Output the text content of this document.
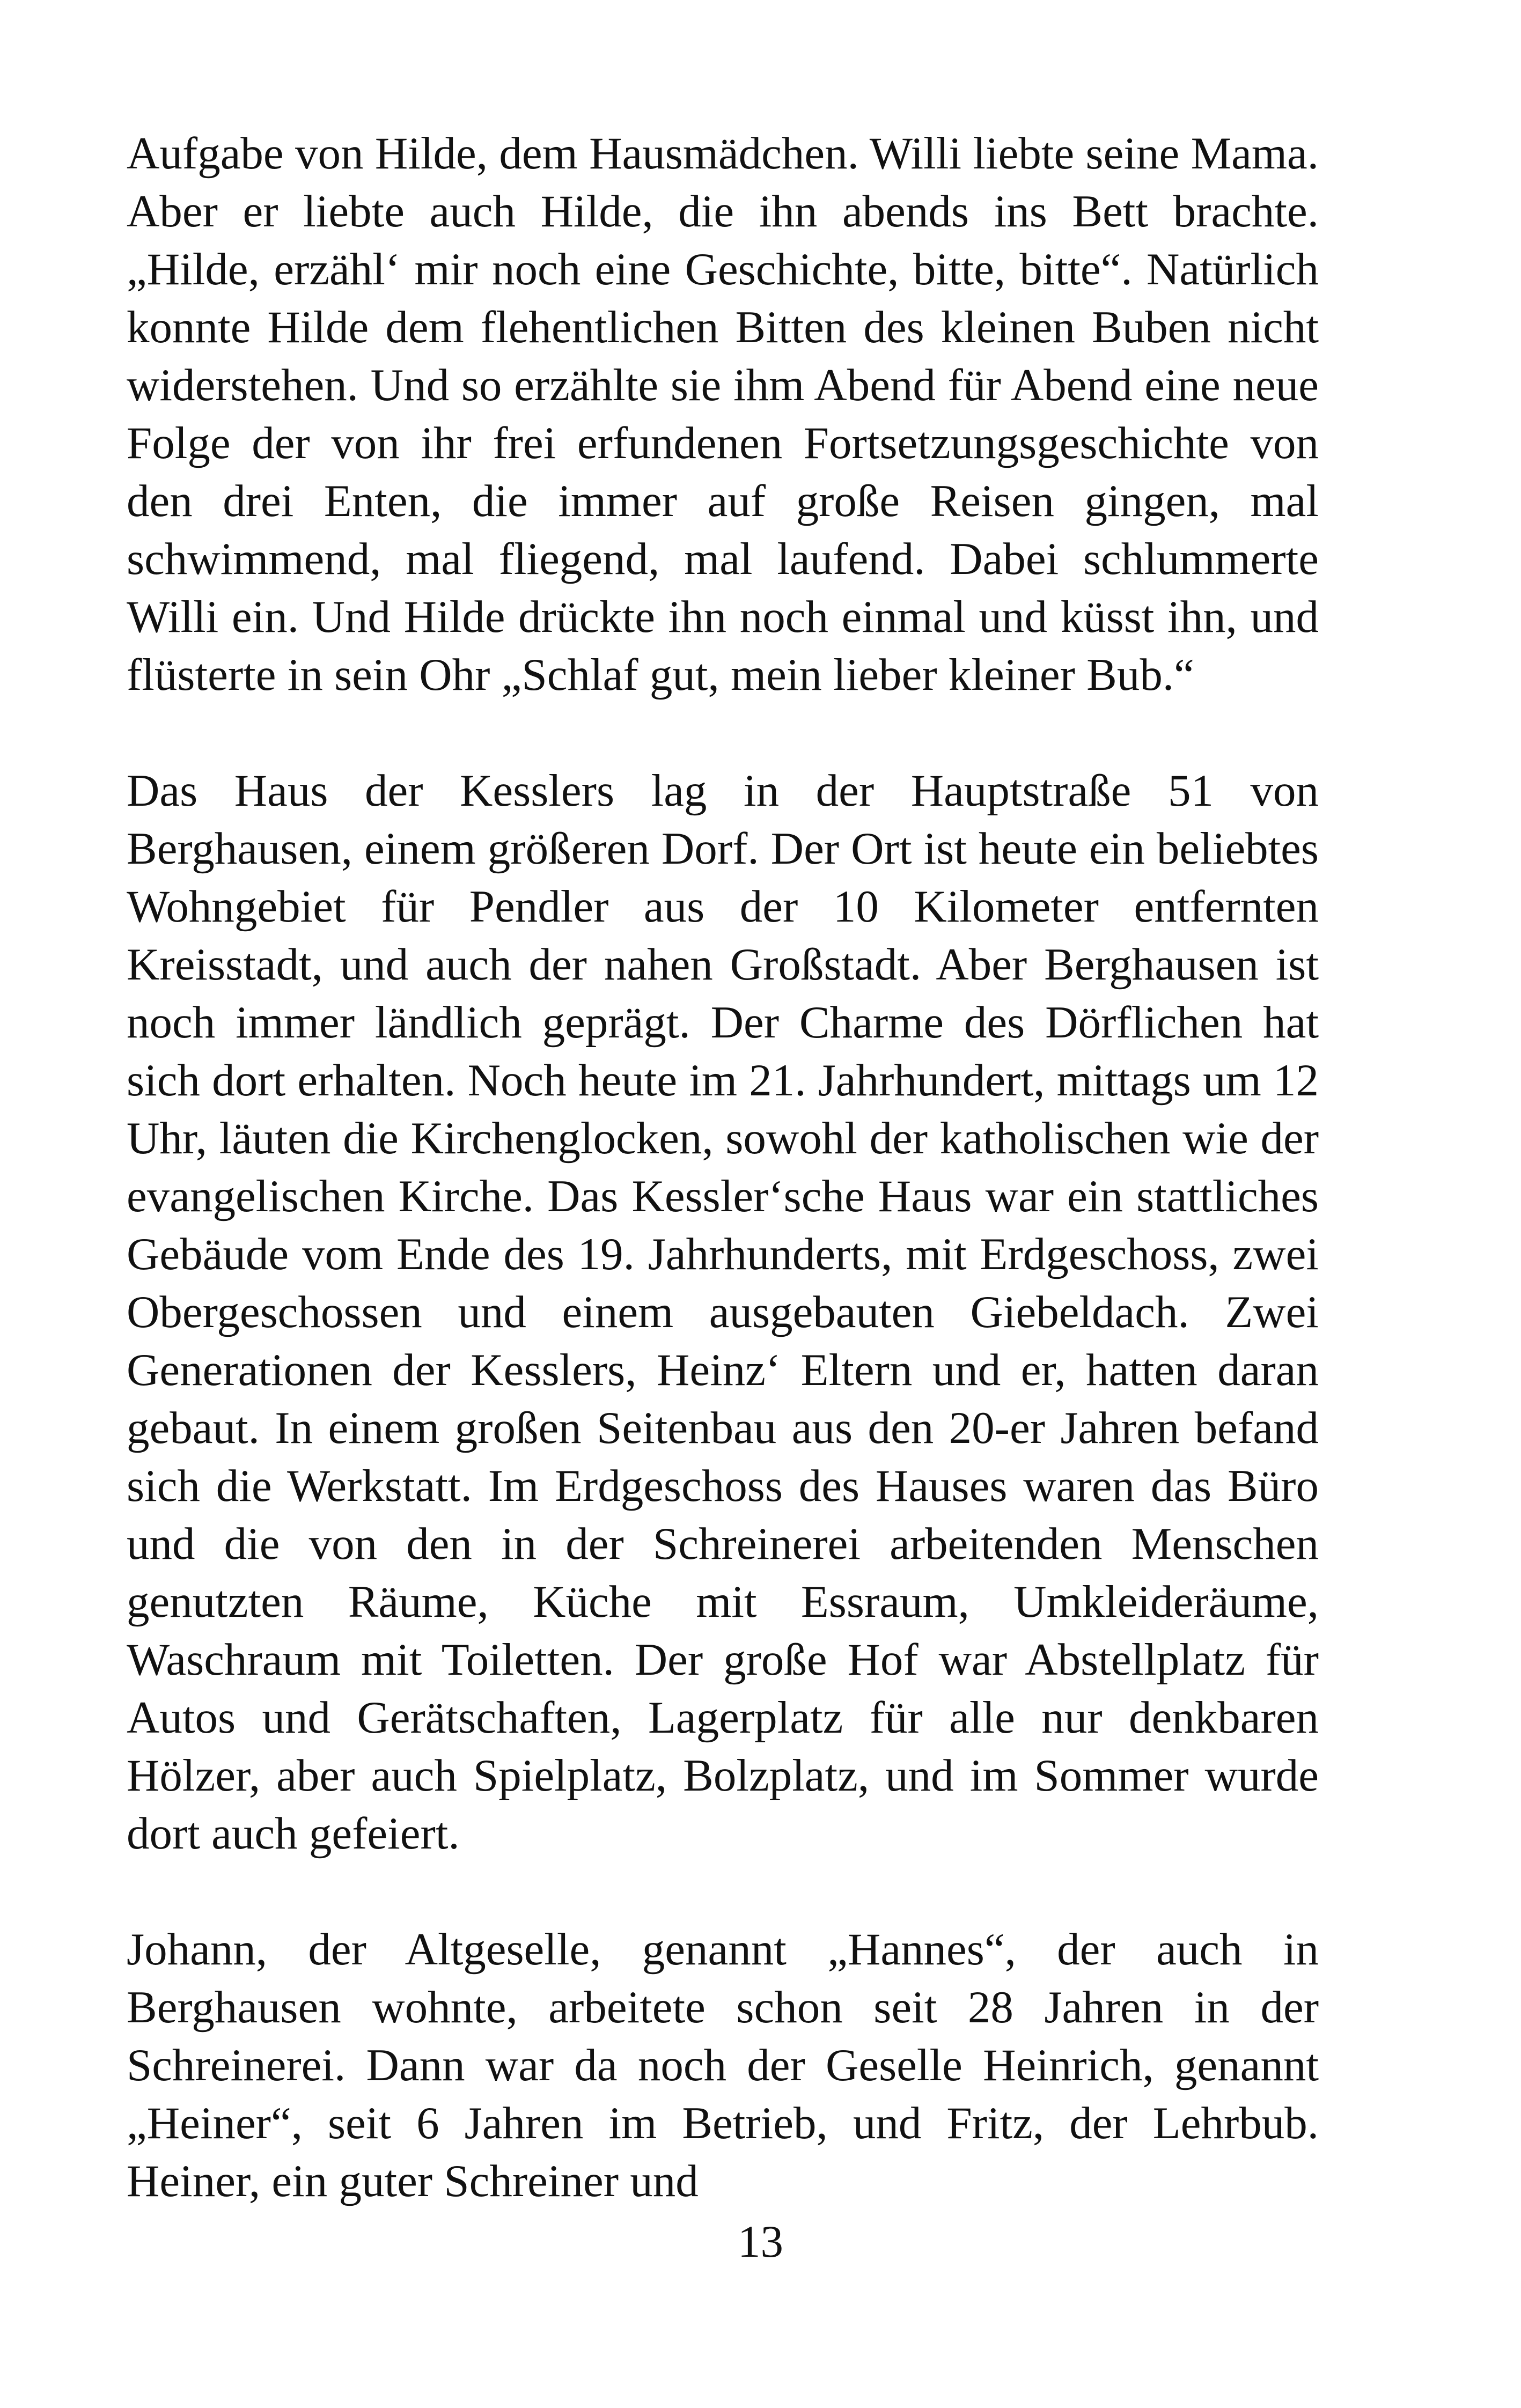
Aufgabe von Hilde, dem Hausmädchen. Willi liebte seine Mama. Aber er liebte auch Hilde, die ihn abends ins Bett brachte. „Hilde, erzähl‘ mir noch eine Geschichte, bitte, bitte“. Natürlich konnte Hilde dem flehentlichen Bitten des kleinen Buben nicht widerstehen. Und so erzählte sie ihm Abend für Abend eine neue Folge der von ihr frei erfundenen Fortsetzungsgeschichte von den drei Enten, die immer auf große Reisen gingen, mal schwimmend, mal fliegend, mal laufend. Dabei schlummerte Willi ein. Und Hilde drückte ihn noch einmal und küsst ihn, und flüsterte in sein Ohr „Schlaf gut, mein lieber kleiner Bub.“

Das Haus der Kesslers lag in der Hauptstraße 51 von Berghausen, einem größeren Dorf. Der Ort ist heute ein beliebtes Wohngebiet für Pendler aus der 10 Kilometer entfernten Kreisstadt, und auch der nahen Großstadt. Aber Berghausen ist noch immer ländlich geprägt. Der Charme des Dörflichen hat sich dort erhalten. Noch heute im 21. Jahrhundert, mittags um 12 Uhr, läuten die Kirchenglocken, sowohl der katholischen wie der evangelischen Kirche. Das Kessler‘sche Haus war ein stattliches Gebäude vom Ende des 19. Jahrhunderts, mit Erdgeschoss, zwei Obergeschossen und einem ausgebauten Giebeldach. Zwei Generationen der Kesslers, Heinz‘ Eltern und er, hatten daran gebaut. In einem großen Seitenbau aus den 20-er Jahren befand sich die Werkstatt. Im Erdgeschoss des Hauses waren das Büro und die von den in der Schreinerei arbeitenden Menschen genutzten Räume, Küche mit Essraum, Umkleideräume, Waschraum mit Toiletten. Der große Hof war Abstellplatz für Autos und Gerätschaften, Lagerplatz für alle nur denkbaren Hölzer, aber auch Spielplatz, Bolzplatz, und im Sommer wurde dort auch gefeiert.

Johann, der Altgeselle, genannt „Hannes“, der auch in Berghausen wohnte, arbeitete schon seit 28 Jahren in der Schreinerei. Dann war da noch der Geselle Heinrich, genannt „Heiner“, seit 6 Jahren im Betrieb, und Fritz, der Lehrbub. Heiner, ein guter Schreiner und

13
